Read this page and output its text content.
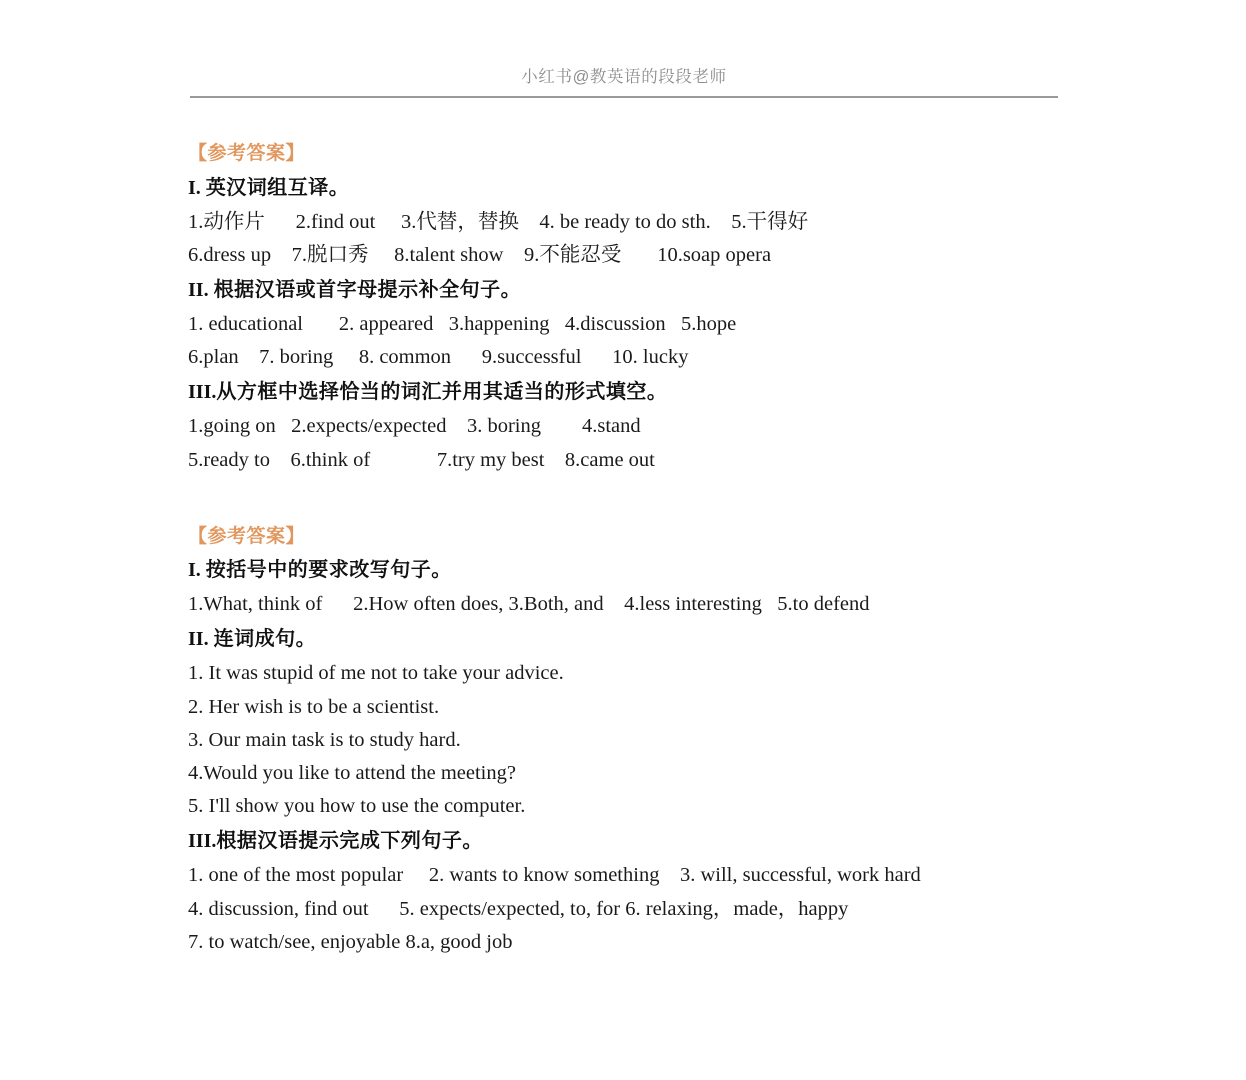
小红书@教英语的段段老师
【参考答案】
I. 英汉词组互译。
1.动作片      2.find out     3.代替，替换    4. be ready to do sth.    5.干得好
6.dress up    7.脱口秀     8.talent show    9.不能忍受       10.soap opera
II. 根据汉语或首字母提示补全句子。
1. educational       2. appeared   3.happening   4.discussion   5.hope
6.plan    7. boring     8. common      9.successful      10. lucky
III.从方框中选择恰当的词汇并用其适当的形式填空。
1.going on   2.expects/expected    3. boring        4.stand
5.ready to    6.think of             7.try my best    8.came out
【参考答案】
I. 按括号中的要求改写句子。
1.What, think of      2.How often does, 3.Both, and    4.less interesting   5.to defend
II. 连词成句。
1. It was stupid of me not to take your advice.
2. Her wish is to be a scientist.
3. Our main task is to study hard.
4.Would you like to attend the meeting?
5. I'll show you how to use the computer.
III.根据汉语提示完成下列句子。
1. one of the most popular     2. wants to know something    3. will, successful, work hard
4. discussion, find out      5. expects/expected, to, for 6. relaxing，made，happy
7. to watch/see, enjoyable 8.a, good job
